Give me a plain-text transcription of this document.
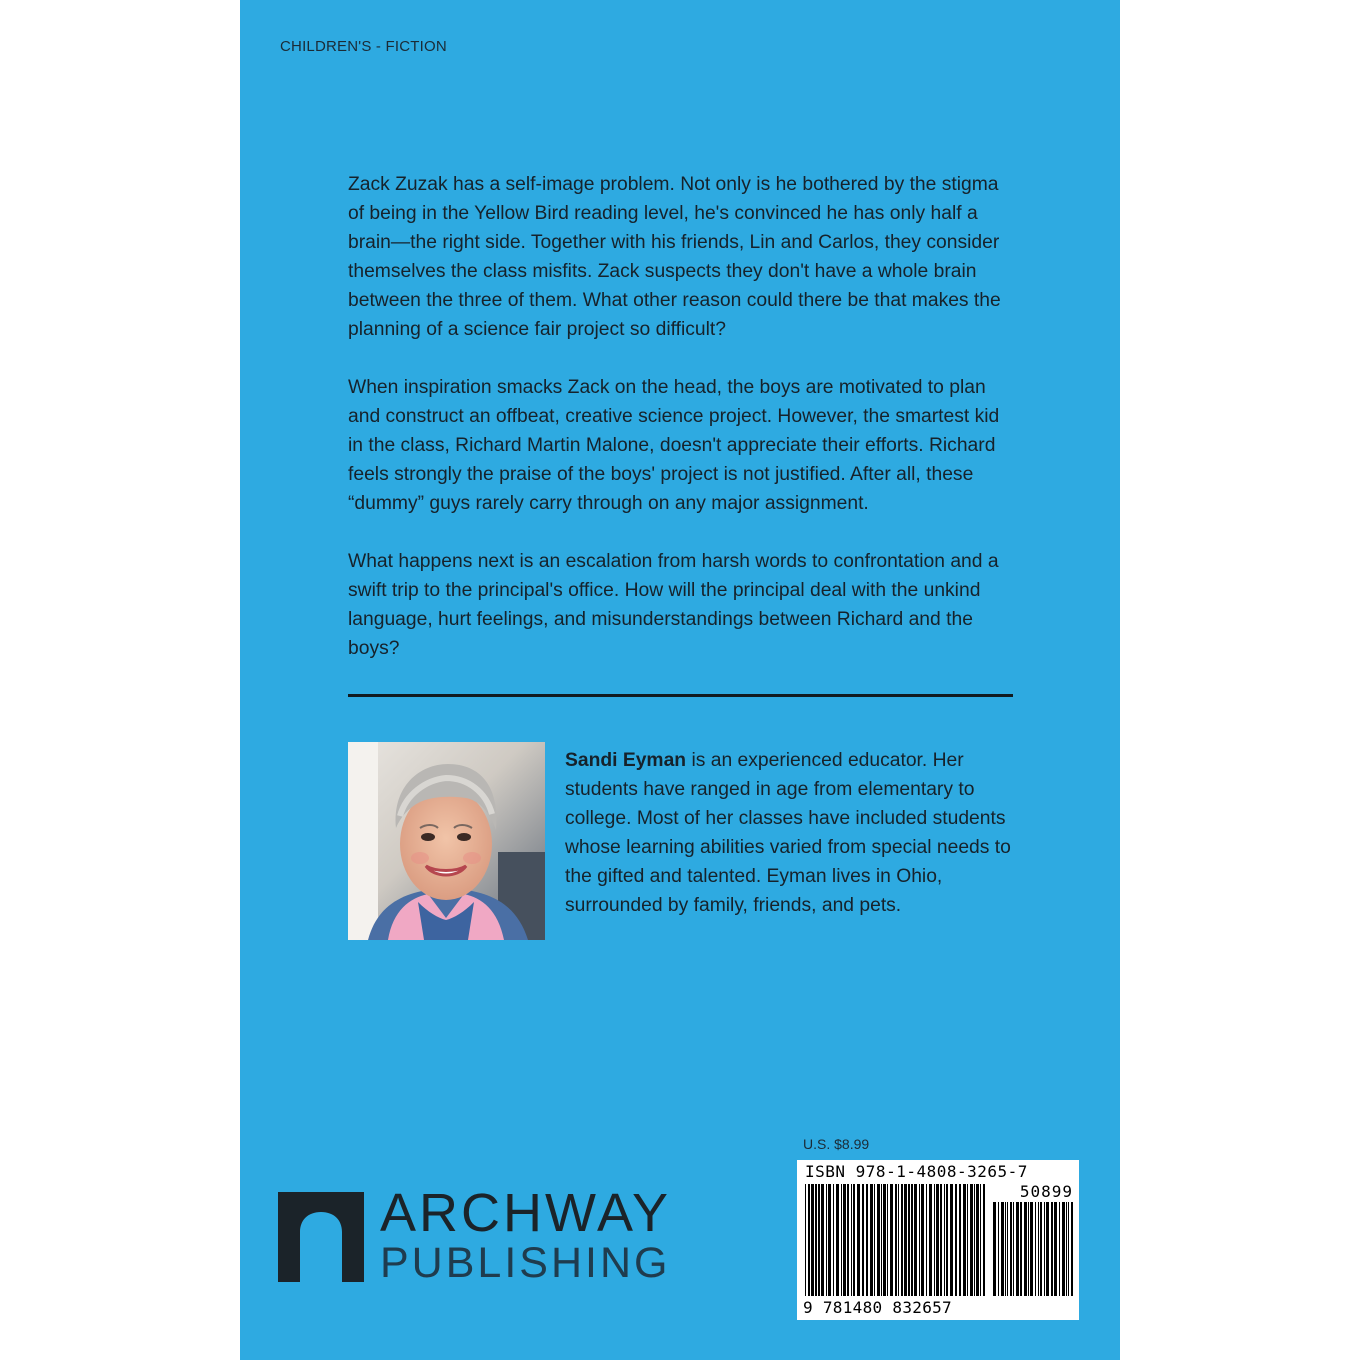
CHILDREN'S - FICTION

Zack Zuzak has a self-image problem. Not only is he bothered by the stigma of being in the Yellow Bird reading level, he's convinced he has only half a brain—the right side. Together with his friends, Lin and Carlos, they consider themselves the class misfits. Zack suspects they don't have a whole brain between the three of them. What other reason could there be that makes the planning of a science fair project so difficult?

When inspiration smacks Zack on the head, the boys are motivated to plan and construct an offbeat, creative science project. However, the smartest kid in the class, Richard Martin Malone, doesn't appreciate their efforts. Richard feels strongly the praise of the boys' project is not justified. After all, these “dummy” guys rarely carry through on any major assignment.

What happens next is an escalation from harsh words to confrontation and a swift trip to the principal's office. How will the principal deal with the unkind language, hurt feelings, and misunderstandings between Richard and the boys?

Sandi Eyman is an experienced educator. Her students have ranged in age from elementary to college. Most of her classes have included students whose learning abilities varied from special needs to the gifted and talented. Eyman lives in Ohio, surrounded by family, friends, and pets.
ARCHWAY
PUBLISHING
U.S. $8.99
ISBN 978-1-4808-3265-7
50899
9 781480 832657
